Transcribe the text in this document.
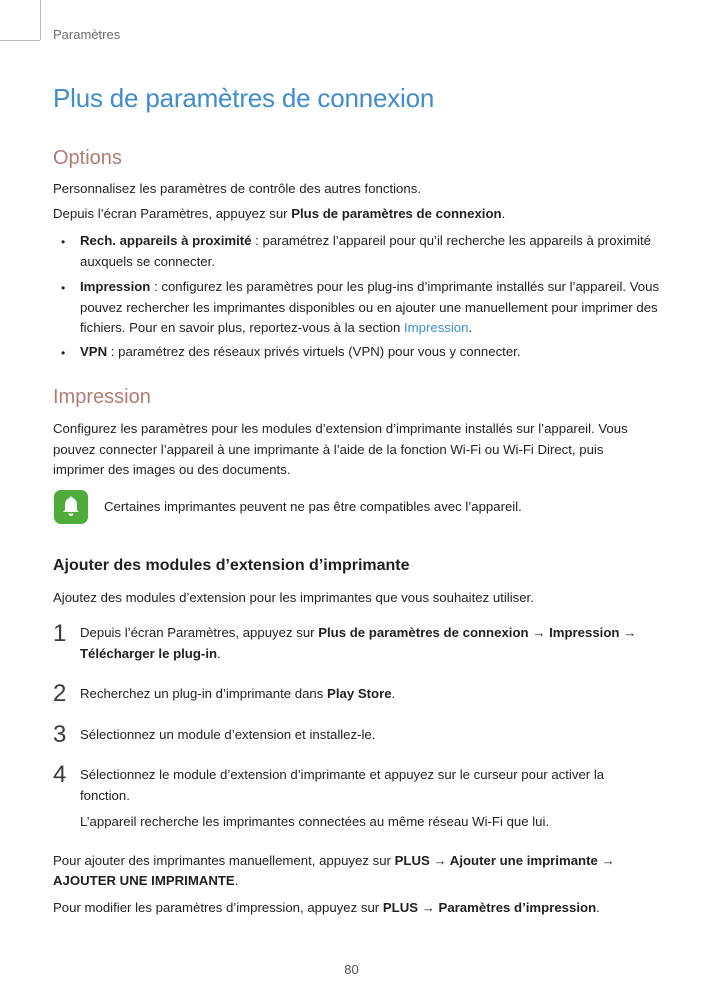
Paramètres
Plus de paramètres de connexion
Options

Personnalisez les paramètres de contrôle des autres fonctions.

Depuis l’écran Paramètres, appuyez sur Plus de paramètres de connexion.

• Rech. appareils à proximité : paramétrez l’appareil pour qu’il recherche les appareils à proximité auxquels se connecter.

• Impression : configurez les paramètres pour les plug-ins d’imprimante installés sur l’appareil. Vous pouvez rechercher les imprimantes disponibles ou en ajouter une manuellement pour imprimer des fichiers. Pour en savoir plus, reportez-vous à la section Impression.

• VPN : paramétrez des réseaux privés virtuels (VPN) pour vous y connecter.

Impression

Configurez les paramètres pour les modules d’extension d’imprimante installés sur l’appareil. Vous pouvez connecter l’appareil à une imprimante à l’aide de la fonction Wi-Fi ou Wi-Fi Direct, puis imprimer des images ou des documents.

Certaines imprimantes peuvent ne pas être compatibles avec l’appareil.
Ajouter des modules d’extension d’imprimante

Ajoutez des modules d’extension pour les imprimantes que vous souhaitez utiliser.

1 Depuis l’écran Paramètres, appuyez sur Plus de paramètres de connexion → Impression → Télécharger le plug-in.

2 Recherchez un plug-in d’imprimante dans Play Store.

3 Sélectionnez un module d’extension et installez-le.

4 Sélectionnez le module d’extension d’imprimante et appuyez sur le curseur pour activer la fonction.

L’appareil recherche les imprimantes connectées au même réseau Wi-Fi que lui.

Pour ajouter des imprimantes manuellement, appuyez sur PLUS → Ajouter une imprimante → AJOUTER UNE IMPRIMANTE.

Pour modifier les paramètres d’impression, appuyez sur PLUS → Paramètres d’impression.

80
